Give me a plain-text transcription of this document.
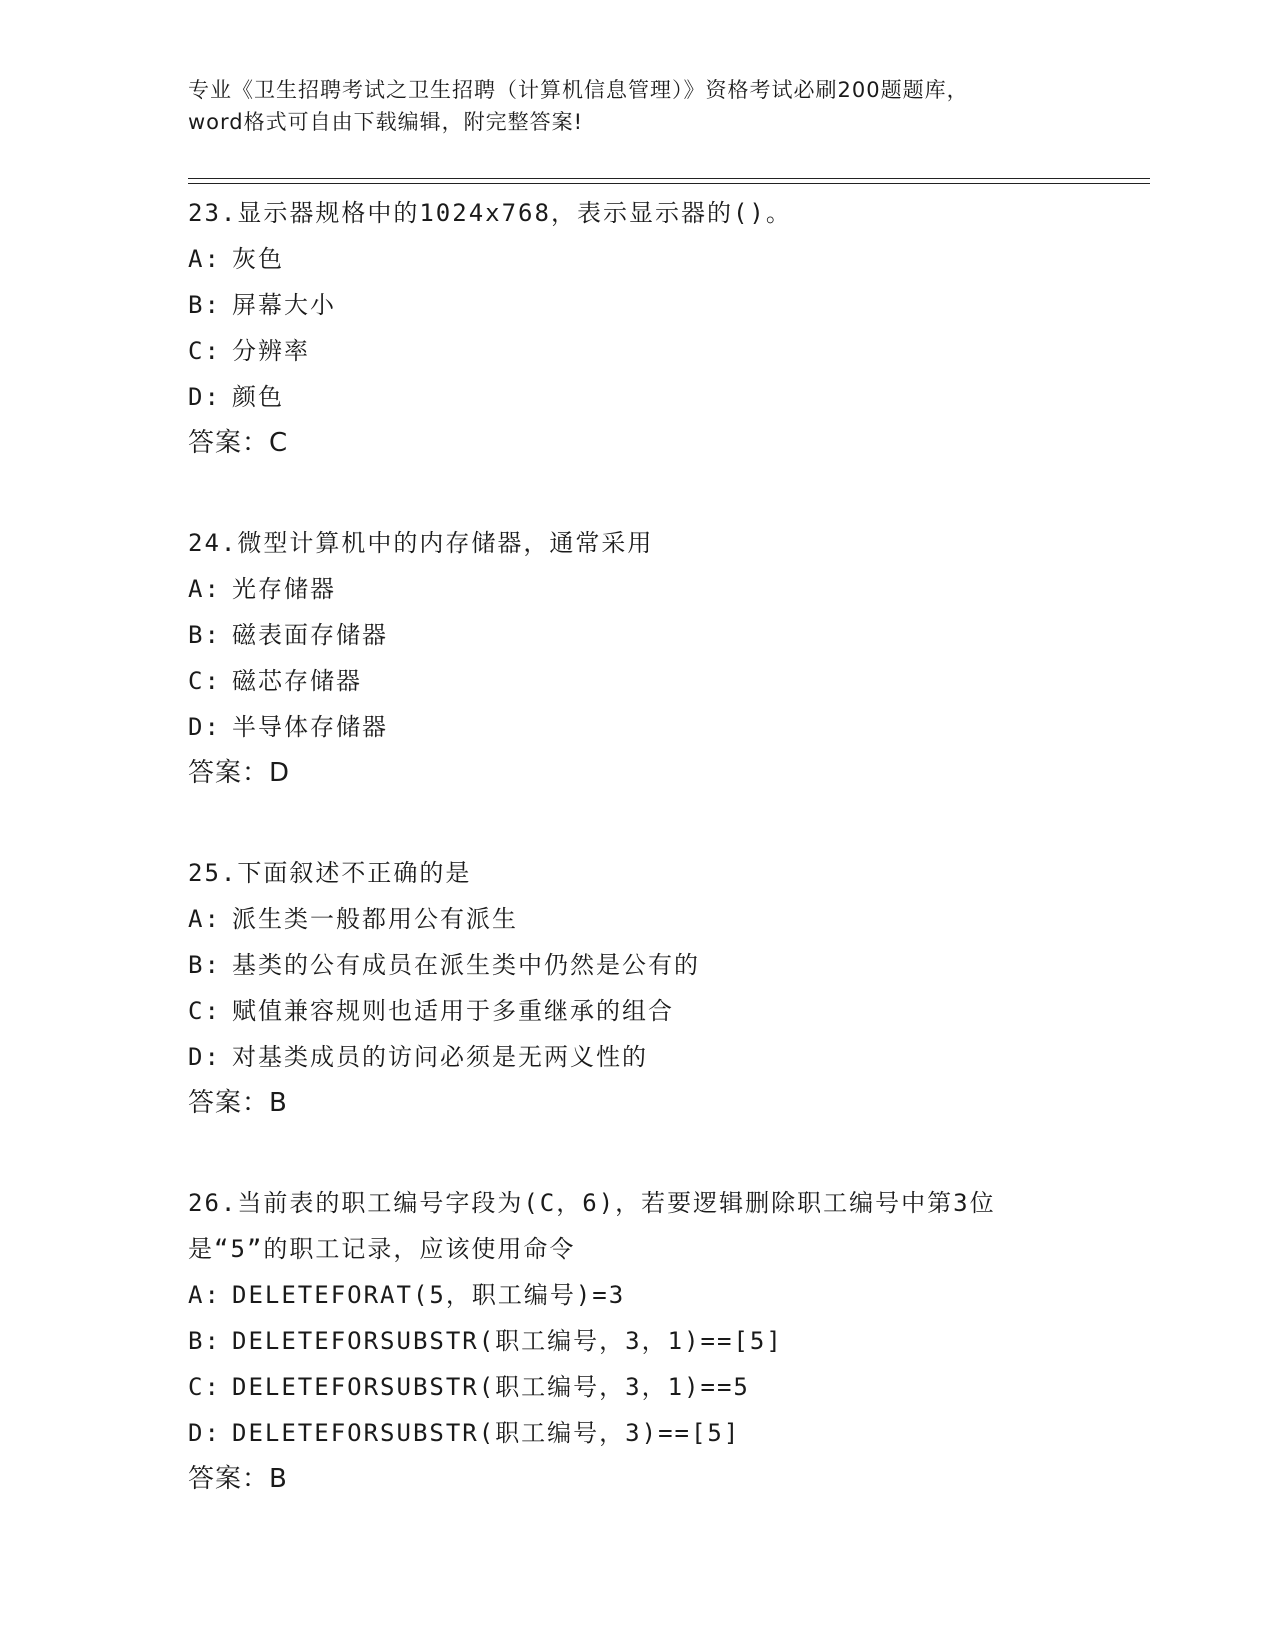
专业《卫生招聘考试之卫生招聘（计算机信息管理）》资格考试必刷200题题库，
word格式可自由下载编辑，附完整答案!
23.显示器规格中的1024x768，表示显示器的()。
A: 灰色
B: 屏幕大小
C: 分辨率
D: 颜色
答案：C
24.微型计算机中的内存储器，通常采用
A: 光存储器
B: 磁表面存储器
C: 磁芯存储器
D: 半导体存储器
答案：D
25.下面叙述不正确的是
A: 派生类一般都用公有派生
B: 基类的公有成员在派生类中仍然是公有的
C: 赋值兼容规则也适用于多重继承的组合
D: 对基类成员的访问必须是无两义性的
答案：B
26.当前表的职工编号字段为(C，6)，若要逻辑删除职工编号中第3位
是“5”的职工记录，应该使用命令
A: DELETEFORAT(5，职工编号)=3
B: DELETEFORSUBSTR(职工编号，3，1)==[5]
C: DELETEFORSUBSTR(职工编号，3，1)==5
D: DELETEFORSUBSTR(职工编号，3)==[5]
答案：B
